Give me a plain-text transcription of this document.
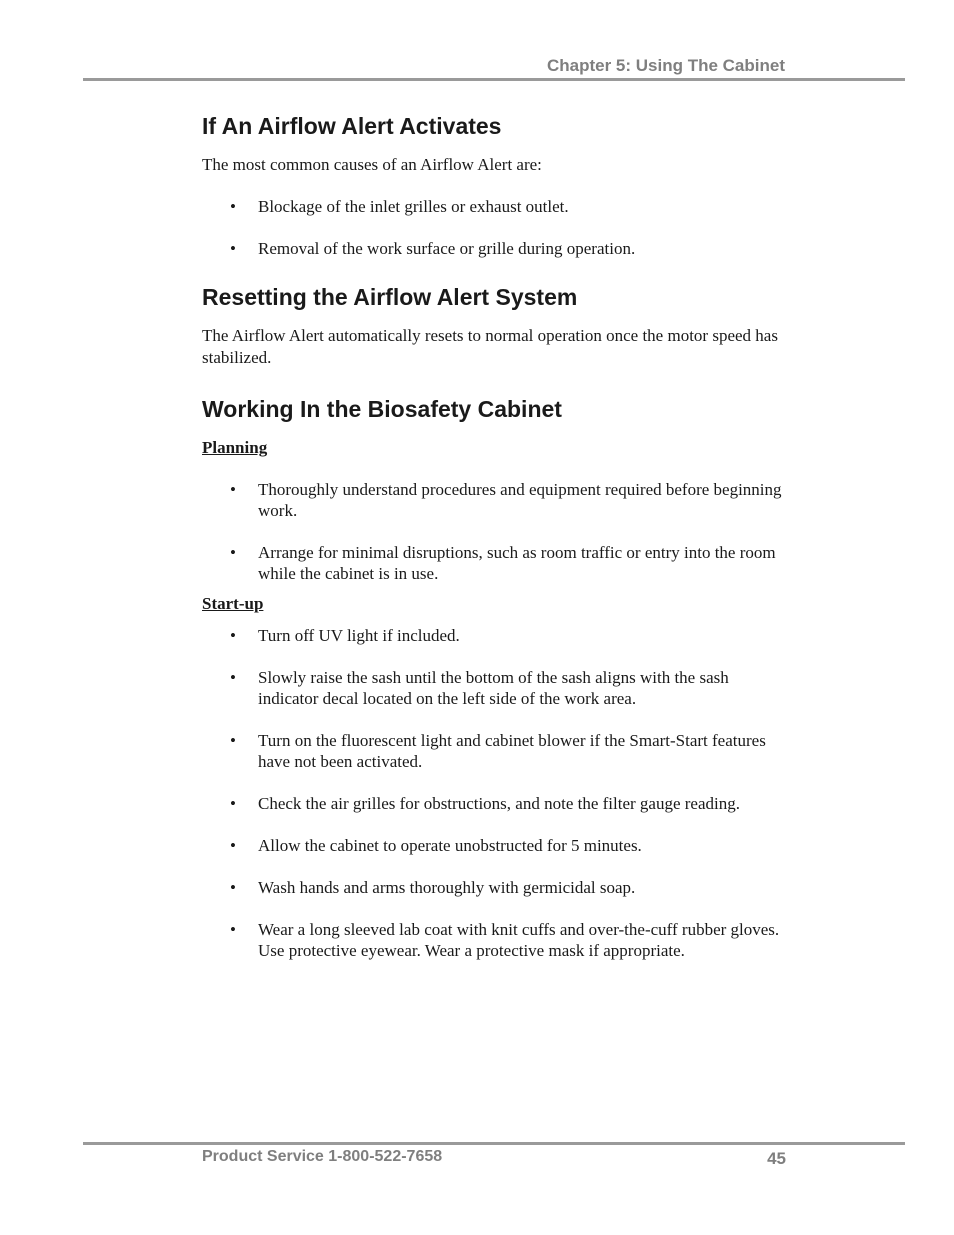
Chapter 5: Using The Cabinet
If An Airflow Alert Activates

The most common causes of an Airflow Alert are:

• Blockage of the inlet grilles or exhaust outlet.
• Removal of the work surface or grille during operation.
Resetting the Airflow Alert System

The Airflow Alert automatically resets to normal operation once the motor speed has stabilized.

Working In the Biosafety Cabinet

Planning

• Thoroughly understand procedures and equipment required before beginning work.
• Arrange for minimal disruptions, such as room traffic or entry into the room while the cabinet is in use.

Start-up

• Turn off UV light if included.
• Slowly raise the sash until the bottom of the sash aligns with the sash indicator decal located on the left side of the work area.
• Turn on the fluorescent light and cabinet blower if the Smart-Start features have not been activated.
• Check the air grilles for obstructions, and note the filter gauge reading.
• Allow the cabinet to operate unobstructed for 5 minutes.
• Wash hands and arms thoroughly with germicidal soap.
• Wear a long sleeved lab coat with knit cuffs and over-the-cuff rubber gloves. Use protective eyewear. Wear a protective mask if appropriate.
Product Service 1-800-522-7658	45
